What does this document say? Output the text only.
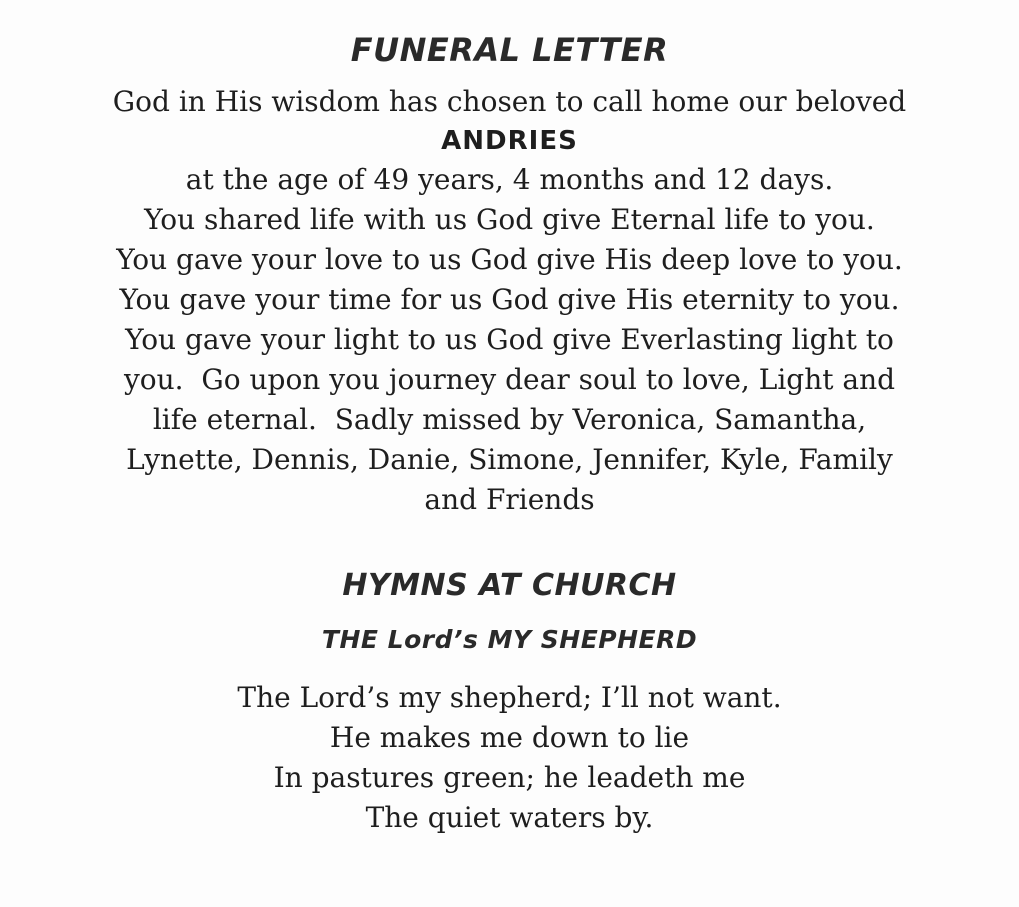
FUNERAL LETTER
God in His wisdom has chosen to call home our beloved
ANDRIES
at the age of 49 years, 4 months and 12 days.
You shared life with us God give Eternal life to you.
You gave your love to us God give His deep love to you.
You gave your time for us God give His eternity to you.
You gave your light to us God give Everlasting light to
you.  Go upon you journey dear soul to love, Light and
life eternal.  Sadly missed by Veronica, Samantha,
Lynette, Dennis, Danie, Simone, Jennifer, Kyle, Family
and Friends
HYMNS AT CHURCH
THE Lord’s MY SHEPHERD
The Lord’s my shepherd; I’ll not want.
He makes me down to lie
In pastures green; he leadeth me
The quiet waters by.
